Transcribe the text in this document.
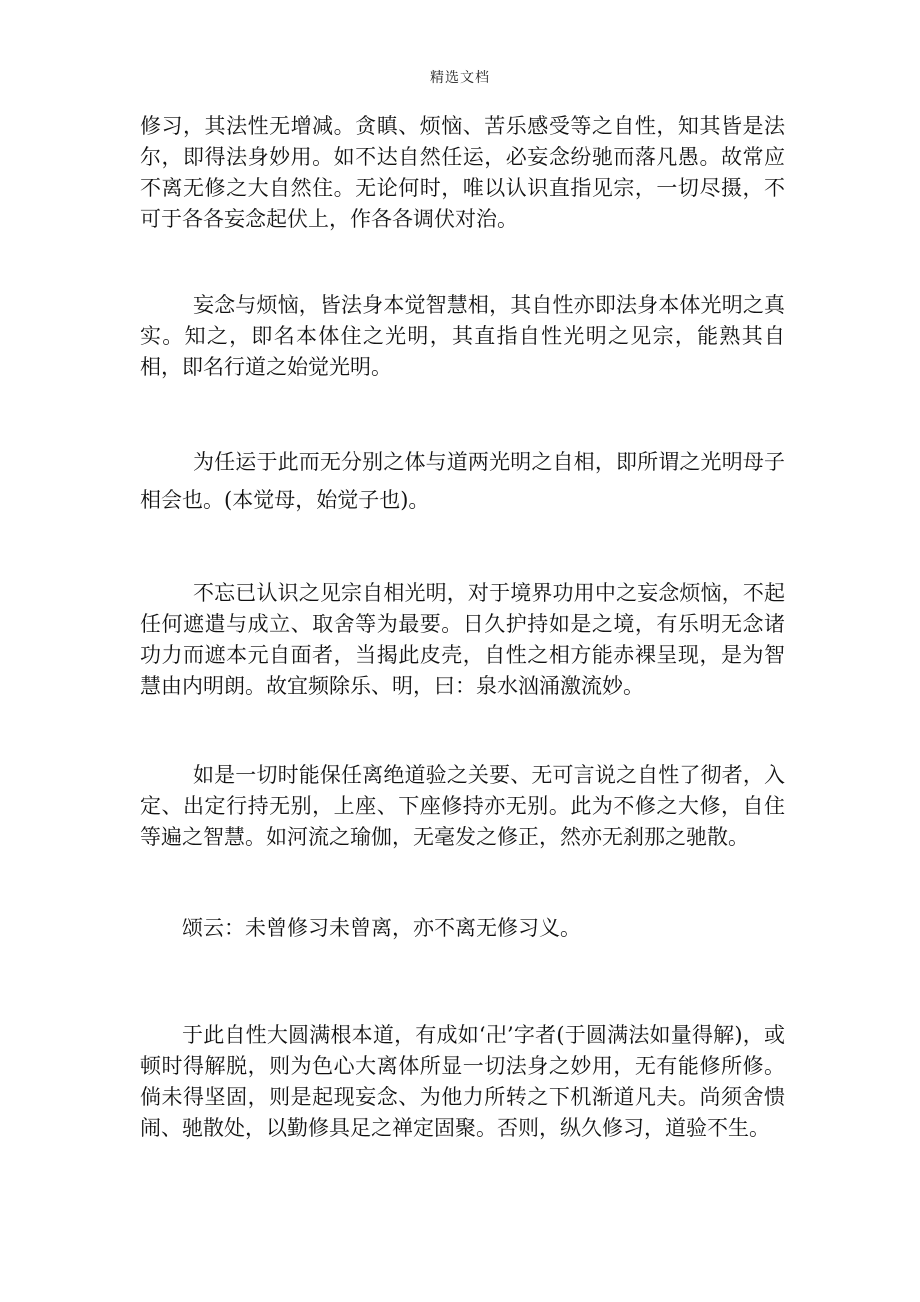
精选文档

修习，其法性无增减。贪瞋、烦恼、苦乐感受等之自性，知其皆是法尔，即得法身妙用。如不达自然任运，必妄念纷驰而落凡愚。故常应不离无修之大自然住。无论何时，唯以认识直指见宗，一切尽摄，不可于各各妄念起伏上，作各各调伏对治。

妄念与烦恼，皆法身本觉智慧相，其自性亦即法身本体光明之真实。知之，即名本体住之光明，其直指自性光明之见宗，能熟其自相，即名行道之始觉光明。

为任运于此而无分别之体与道两光明之自相，即所谓之光明母子相会也。(本觉母，始觉子也)。

不忘已认识之见宗自相光明，对于境界功用中之妄念烦恼，不起任何遮遣与成立、取舍等为最要。日久护持如是之境，有乐明无念诸功力而遮本元自面者，当揭此皮壳，自性之相方能赤裸呈现，是为智慧由内明朗。故宜频除乐、明，曰：泉水汹涌激流妙。

如是一切时能保任离绝道验之关要、无可言说之自性了彻者，入定、出定行持无别，上座、下座修持亦无别。此为不修之大修，自住等遍之智慧。如河流之瑜伽，无毫发之修正，然亦无刹那之驰散。

颂云：未曾修习未曾离，亦不离无修习义。

于此自性大圆满根本道，有成如‘卍’字者(于圆满法如量得解)，或顿时得解脱，则为色心大离体所显一切法身之妙用，无有能修所修。倘未得坚固，则是起现妄念、为他力所转之下机渐道凡夫。尚须舍愦闹、驰散处，以勤修具足之禅定固聚。否则，纵久修习，道验不生。
